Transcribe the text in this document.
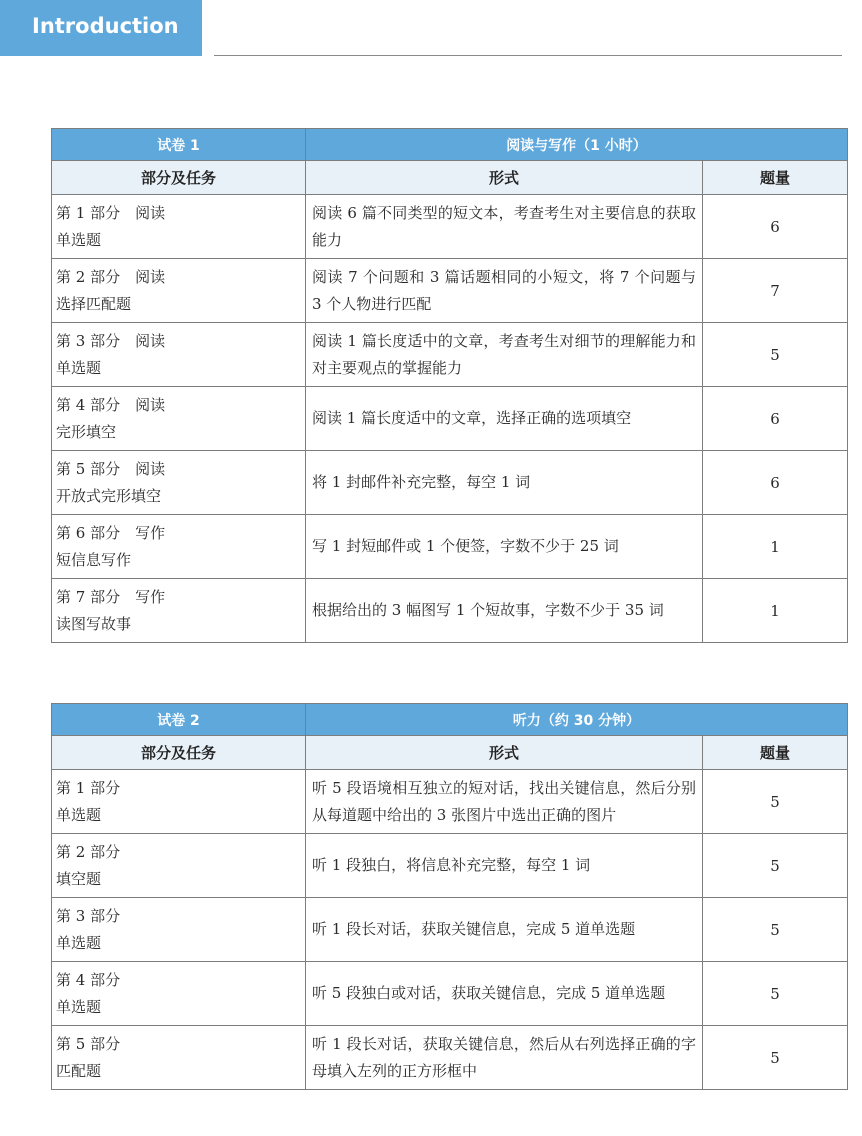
Introduction
试卷 1	阅读与写作（1 小时）	
部分及任务	形式	题量
第 1 部分　阅读
单选题	阅读 6 篇不同类型的短文本，考查考生对主要信息的获取能力	6
第 2 部分　阅读
选择匹配题	阅读 7 个问题和 3 篇话题相同的小短文，将 7 个问题与 3 个人物进行匹配	7
第 3 部分　阅读
单选题	阅读 1 篇长度适中的文章，考查考生对细节的理解能力和对主要观点的掌握能力	5
第 4 部分　阅读
完形填空	阅读 1 篇长度适中的文章，选择正确的选项填空	6
第 5 部分　阅读
开放式完形填空	将 1 封邮件补充完整，每空 1 词	6
第 6 部分　写作
短信息写作	写 1 封短邮件或 1 个便签，字数不少于 25 词	1
第 7 部分　写作
读图写故事	根据给出的 3 幅图写 1 个短故事，字数不少于 35 词	1
试卷 2	听力（约 30 分钟）	
部分及任务	形式	题量
第 1 部分
单选题	听 5 段语境相互独立的短对话，找出关键信息，然后分别从每道题中给出的 3 张图片中选出正确的图片	5
第 2 部分
填空题	听 1 段独白，将信息补充完整，每空 1 词	5
第 3 部分
单选题	听 1 段长对话，获取关键信息，完成 5 道单选题	5
第 4 部分
单选题	听 5 段独白或对话，获取关键信息，完成 5 道单选题	5
第 5 部分
匹配题	听 1 段长对话，获取关键信息，然后从右列选择正确的字母填入左列的正方形框中	5
